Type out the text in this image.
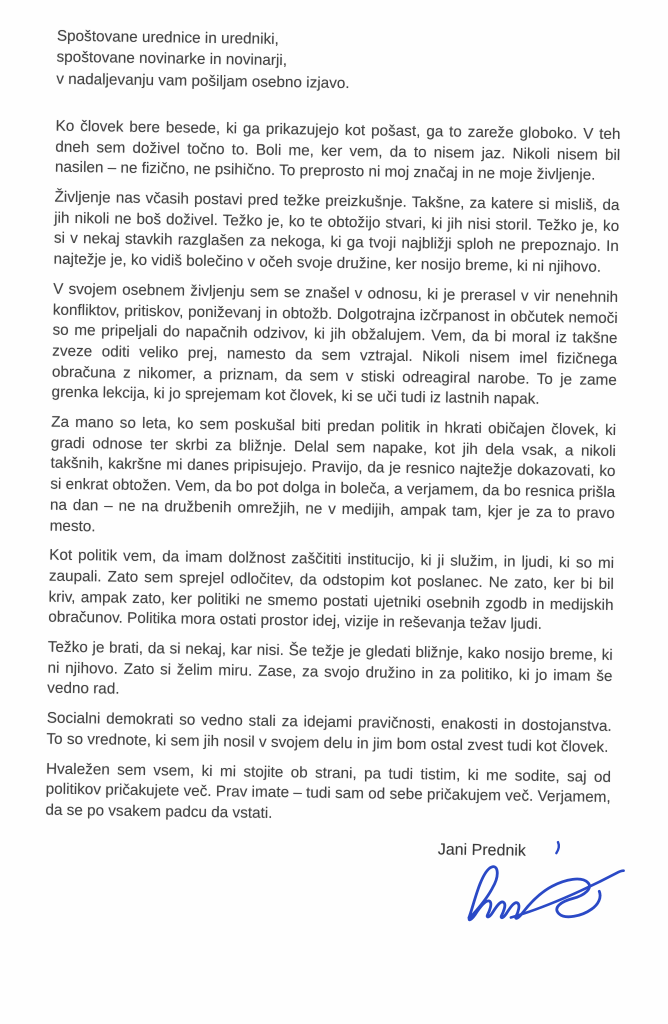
Spoštovane urednice in uredniki,
spoštovane novinarke in novinarji,
v nadaljevanju vam pošiljam osebno izjavo.

Ko človek bere besede, ki ga prikazujejo kot pošast, ga to zareže globoko. V teh dneh sem doživel točno to. Boli me, ker vem, da to nisem jaz. Nikoli nisem bil nasilen – ne fizično, ne psihično. To preprosto ni moj značaj in ne moje življenje.

Življenje nas včasih postavi pred težke preizkušnje. Takšne, za katere si misliš, da jih nikoli ne boš doživel. Težko je, ko te obtožijo stvari, ki jih nisi storil. Težko je, ko si v nekaj stavkih razglašen za nekoga, ki ga tvoji najbližji sploh ne prepoznajo. In najtežje je, ko vidiš bolečino v očeh svoje družine, ker nosijo breme, ki ni njihovo.

V svojem osebnem življenju sem se znašel v odnosu, ki je prerasel v vir nenehnih konfliktov, pritiskov, poniževanj in obtožb. Dolgotrajna izčrpanost in občutek nemoči so me pripeljali do napačnih odzivov, ki jih obžalujem. Vem, da bi moral iz takšne zveze oditi veliko prej, namesto da sem vztrajal. Nikoli nisem imel fizičnega obračuna z nikomer, a priznam, da sem v stiski odreagiral narobe. To je zame grenka lekcija, ki jo sprejemam kot človek, ki se uči tudi iz lastnih napak.

Za mano so leta, ko sem poskušal biti predan politik in hkrati običajen človek, ki gradi odnose ter skrbi za bližnje. Delal sem napake, kot jih dela vsak, a nikoli takšnih, kakršne mi danes pripisujejo. Pravijo, da je resnico najtežje dokazovati, ko si enkrat obtožen. Vem, da bo pot dolga in boleča, a verjamem, da bo resnica prišla na dan – ne na družbenih omrežjih, ne v medijih, ampak tam, kjer je za to pravo mesto.

Kot politik vem, da imam dolžnost zaščititi institucijo, ki ji služim, in ljudi, ki so mi zaupali. Zato sem sprejel odločitev, da odstopim kot poslanec. Ne zato, ker bi bil kriv, ampak zato, ker politiki ne smemo postati ujetniki osebnih zgodb in medijskih obračunov. Politika mora ostati prostor idej, vizije in reševanja težav ljudi.

Težko je brati, da si nekaj, kar nisi. Še težje je gledati bližnje, kako nosijo breme, ki ni njihovo. Zato si želim miru. Zase, za svojo družino in za politiko, ki jo imam še vedno rad.

Socialni demokrati so vedno stali za idejami pravičnosti, enakosti in dostojanstva. To so vrednote, ki sem jih nosil v svojem delu in jim bom ostal zvest tudi kot človek.

Hvaležen sem vsem, ki mi stojite ob strani, pa tudi tistim, ki me sodite, saj od politikov pričakujete več. Prav imate – tudi sam od sebe pričakujem več. Verjamem, da se po vsakem padcu da vstati.

Jani Prednik
